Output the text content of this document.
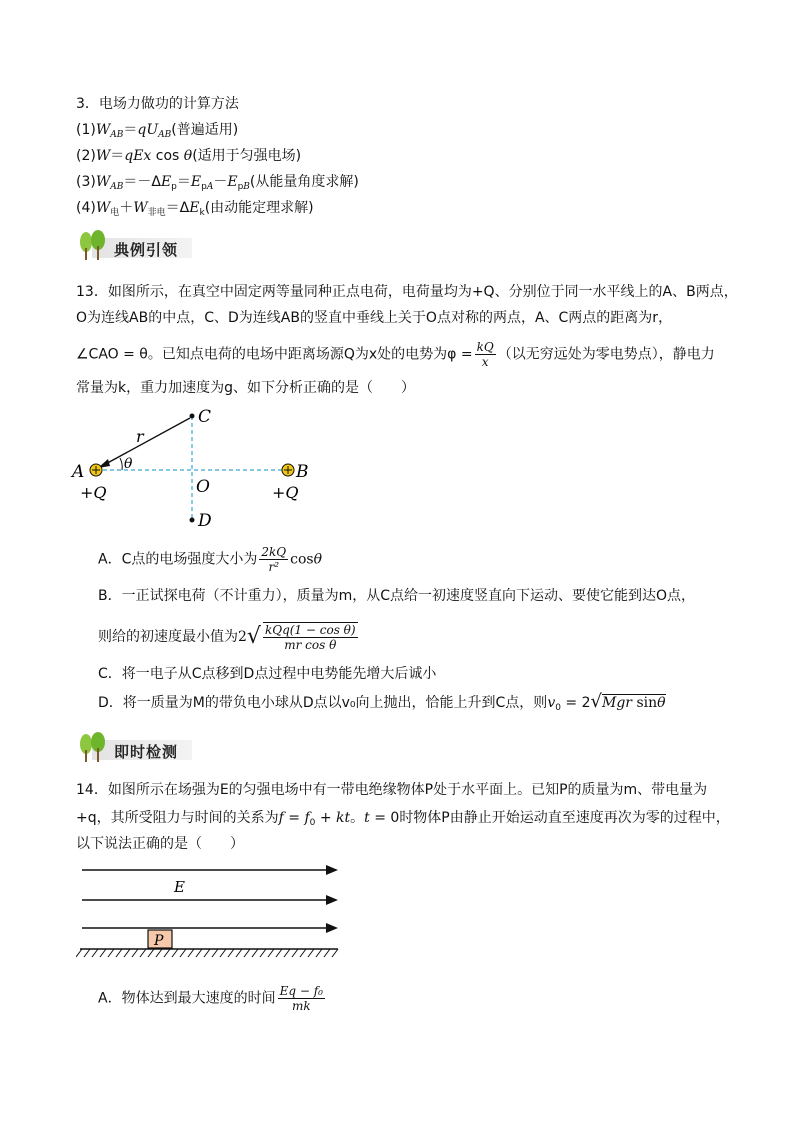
3．电场力做功的计算方法
$(1)W_{AB}=qU_{AB}$(普遍适用)
(2)W＝qEx cos θ(适用于匀强电场)
$(3)W_{AB}=-\Delta E_p=E_{pA}-E_{pB}$(从能量角度求解)
$(4)W_电+W_{非电}=\Delta E_k$(由动能定理求解)
典例引领
13．如图所示，在真空中固定两等量同种正点电荷，电荷量均为+Q、分别位于同一水平线上的A、B两点，
O为连线AB的中点，C、D为连线AB的竖直中垂线上关于O点对称的两点，A、C两点的距离为r，
∠CAO = θ。已知点电荷的电场中距离场源Q为x处的电势为$\varphi = \frac{kQ}{x}$ （以无穷远处为零电势点），静电力
常量为k，重力加速度为g、如下分析正确的是（　　）
C
D
A	B
O
r
θ
+Q	+Q
A．C点的电场强度大小为 $\frac{2kQ}{\text{r²}}$ cosθ
B．一正试探电荷（不计重力），质量为m，从C点给一初速度竖直向下运动、要使它能到达O点，
则给的初速度最小值为$2√ \frac{\text{kQq(1 − cos θ)}}{\text{mr cos θ}}$
C．将一电子从C点移到D点过程中电势能先增大后诚小
D．将一质量为M的带负电小球从D点以v₀向上抛出，恰能上升到C点，则$v_0 = 2√Mgr$ sinθ
即时检测
14．如图所示在场强为E的匀强电场中有一带电绝缘物体P处于水平面上。已知P的质量为m、带电量为
+q，其所受阻力与时间的关系为$f = f_0$ + kt。t = 0时物体P由静止开始运动直至速度再次为零的过程中，
以下说法正确的是（　　）
E
P
A．物体达到最大速度的时间 $\frac{\text{Eq − f₀}}{mk}$
